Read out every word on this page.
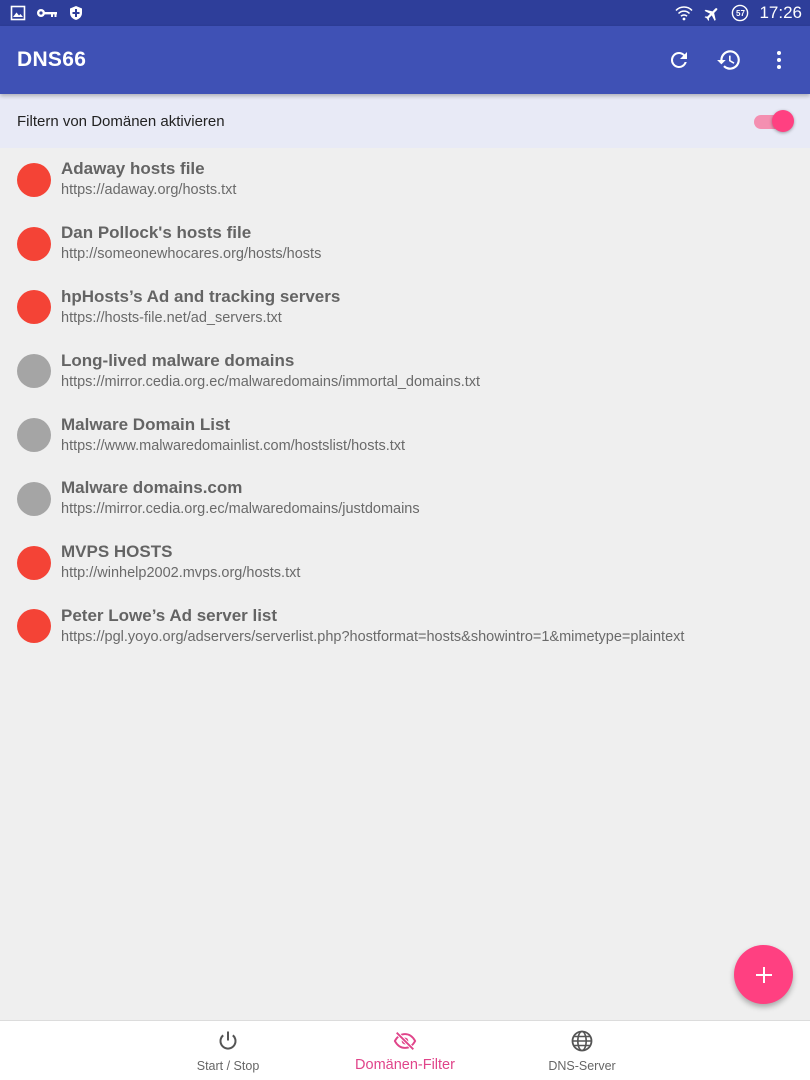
57 17:26
DNS66
Filtern von Domänen aktivieren
Adaway hosts file
https://adaway.org/hosts.txt
Dan Pollock's hosts file
http://someonewhocares.org/hosts/hosts
hpHosts’s Ad and tracking servers
https://hosts-file.net/ad_servers.txt
Long-lived malware domains
https://mirror.cedia.org.ec/malwaredomains/immortal_domains.txt
Malware Domain List
https://www.malwaredomainlist.com/hostslist/hosts.txt
Malware domains.com
https://mirror.cedia.org.ec/malwaredomains/justdomains
MVPS HOSTS
http://winhelp2002.mvps.org/hosts.txt
Peter Lowe’s Ad server list
https://pgl.yoyo.org/adservers/serverlist.php?hostformat=hosts&showintro=1&mimetype=plaintext
Start / Stop	Domänen-Filter	DNS-Server
